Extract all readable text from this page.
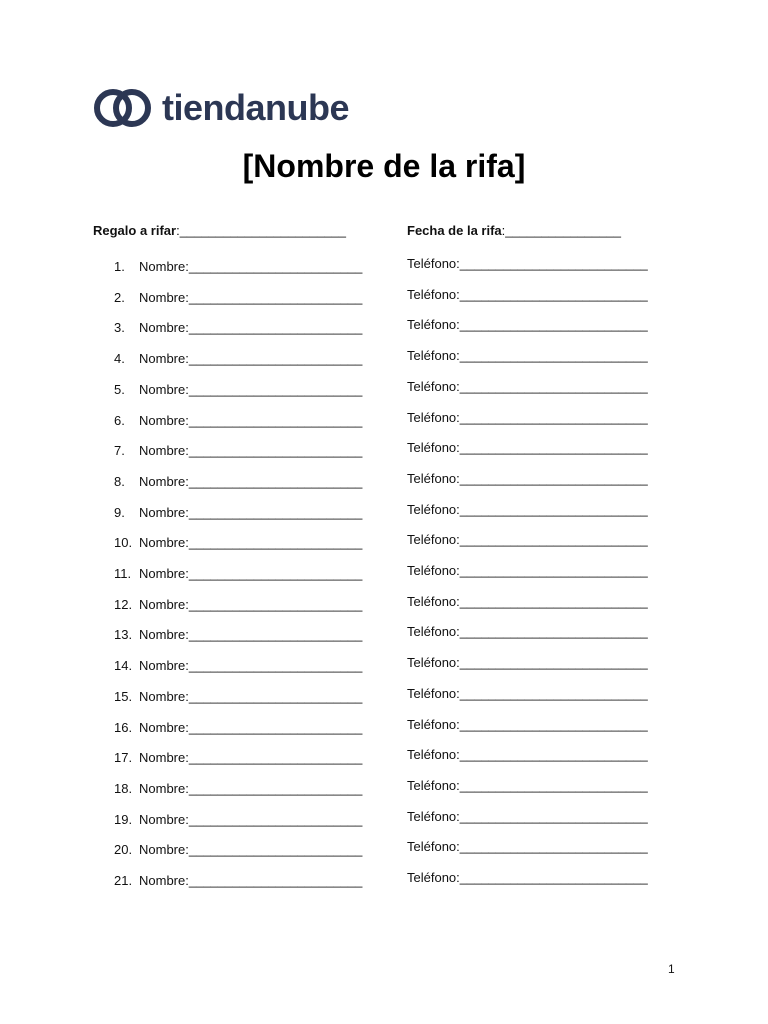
tiendanube
[Nombre de la rifa]
Regalo a rifar:_______________________	Fecha de la rifa:________________
1. Nombre:________________________	Teléfono:__________________________
2. Nombre:________________________	Teléfono:__________________________
3. Nombre:________________________	Teléfono:__________________________
4. Nombre:________________________	Teléfono:__________________________
5. Nombre:________________________	Teléfono:__________________________
6. Nombre:________________________	Teléfono:__________________________
7. Nombre:________________________	Teléfono:__________________________
8. Nombre:________________________	Teléfono:__________________________
9. Nombre:________________________	Teléfono:__________________________
10. Nombre:________________________	Teléfono:__________________________
11. Nombre:________________________	Teléfono:__________________________
12. Nombre:________________________	Teléfono:__________________________
13. Nombre:________________________	Teléfono:__________________________
14. Nombre:________________________	Teléfono:__________________________
15. Nombre:________________________	Teléfono:__________________________
16. Nombre:________________________	Teléfono:__________________________
17. Nombre:________________________	Teléfono:__________________________
18. Nombre:________________________	Teléfono:__________________________
19. Nombre:________________________	Teléfono:__________________________
20. Nombre:________________________	Teléfono:__________________________
21. Nombre:________________________	Teléfono:__________________________
1
